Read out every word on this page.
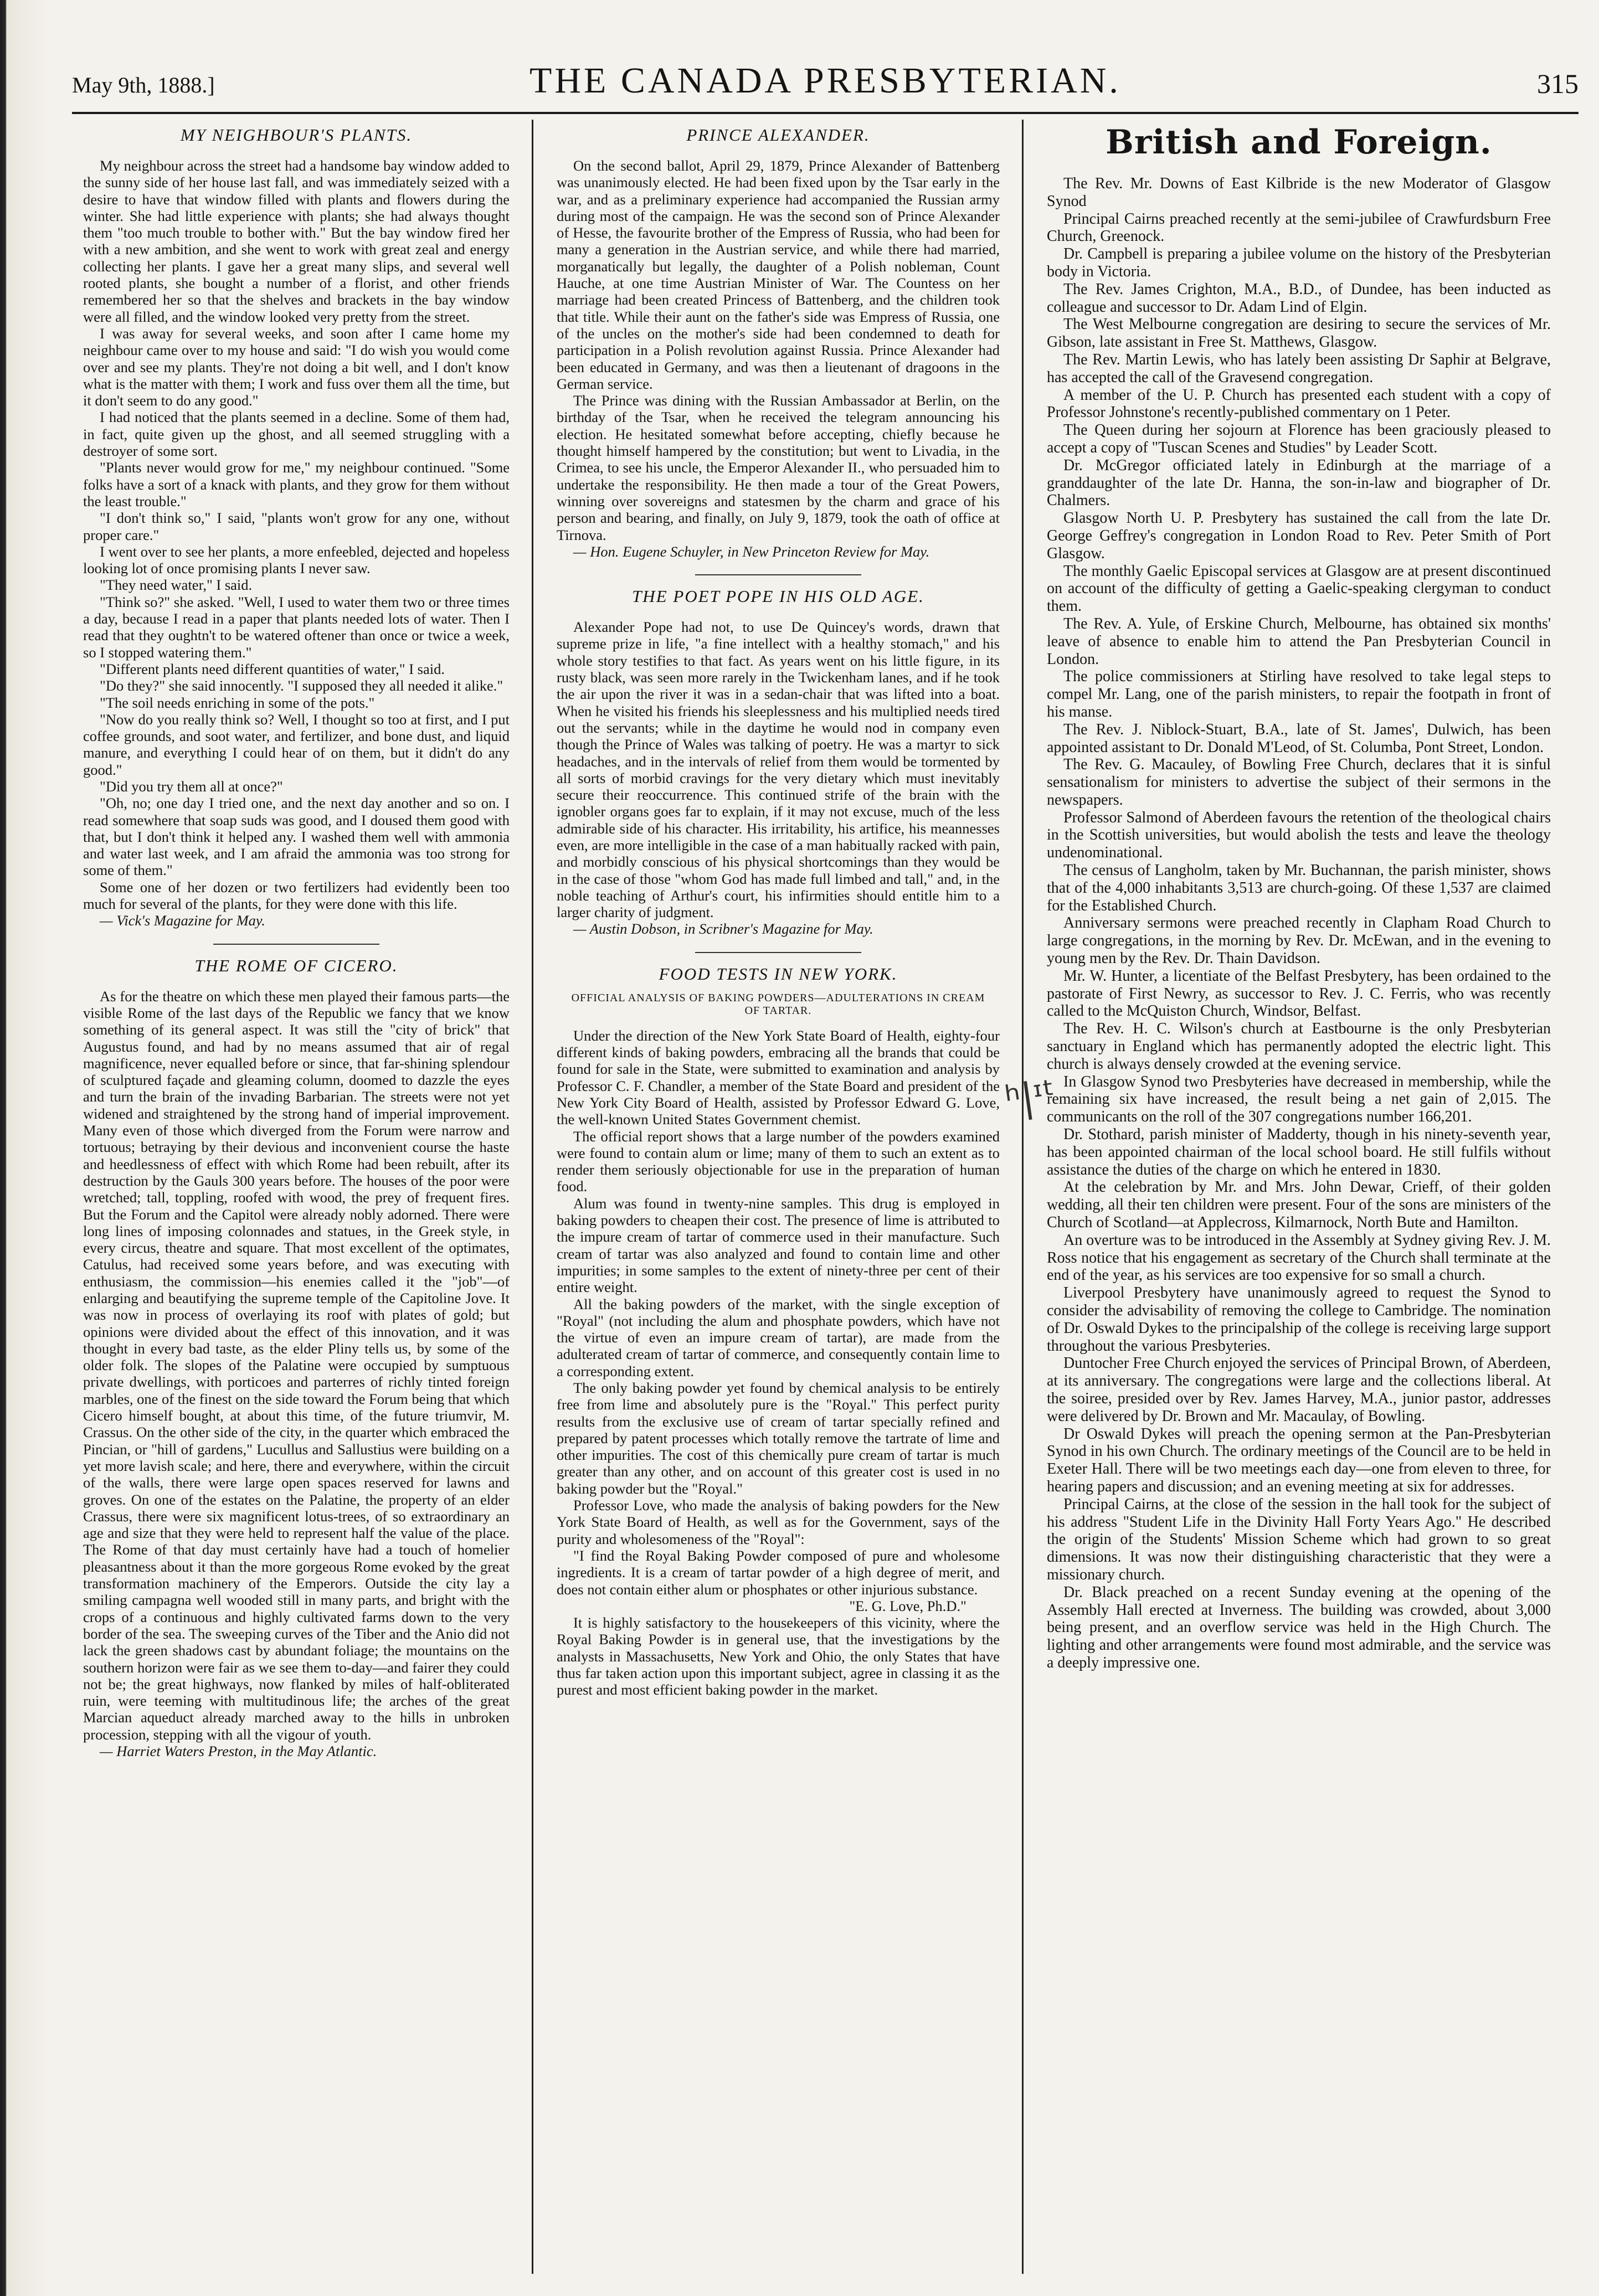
May 9th, 1888.]	THE CANADA PRESBYTERIAN.	315
MY NEIGHBOUR'S PLANTS.

My neighbour across the street had a handsome bay window added to the sunny side of her house last fall, and was immediately seized with a desire to have that window filled with plants and flowers during the winter. She had little experience with plants; she had always thought them "too much trouble to bother with." But the bay window fired her with a new ambition, and she went to work with great zeal and energy collecting her plants. I gave her a great many slips, and several well rooted plants, she bought a number of a florist, and other friends remembered her so that the shelves and brackets in the bay window were all filled, and the window looked very pretty from the street.

I was away for several weeks, and soon after I came home my neighbour came over to my house and said: "I do wish you would come over and see my plants. They're not doing a bit well, and I don't know what is the matter with them; I work and fuss over them all the time, but it don't seem to do any good."

I had noticed that the plants seemed in a decline. Some of them had, in fact, quite given up the ghost, and all seemed struggling with a destroyer of some sort.

"Plants never would grow for me," my neighbour continued. "Some folks have a sort of a knack with plants, and they grow for them without the least trouble."

"I don't think so," I said, "plants won't grow for any one, without proper care."

I went over to see her plants, a more enfeebled, dejected and hopeless looking lot of once promising plants I never saw.

"They need water," I said.

"Think so?" she asked. "Well, I used to water them two or three times a day, because I read in a paper that plants needed lots of water. Then I read that they oughtn't to be watered oftener than once or twice a week, so I stopped watering them."

"Different plants need different quantities of water," I said.

"Do they?" she said innocently. "I supposed they all needed it alike."

"The soil needs enriching in some of the pots."

"Now do you really think so? Well, I thought so too at first, and I put coffee grounds, and soot water, and fertilizer, and bone dust, and liquid manure, and everything I could hear of on them, but it didn't do any good."

"Did you try them all at once?"

"Oh, no; one day I tried one, and the next day another and so on. I read somewhere that soap suds was good, and I doused them good with that, but I don't think it helped any. I washed them well with ammonia and water last week, and I am afraid the ammonia was too strong for some of them."

Some one of her dozen or two fertilizers had evidently been too much for several of the plants, for they were done with this life.

— Vick's Magazine for May.

THE ROME OF CICERO.

As for the theatre on which these men played their famous parts—the visible Rome of the last days of the Republic we fancy that we know something of its general aspect. It was still the "city of brick" that Augustus found, and had by no means assumed that air of regal magnificence, never equalled before or since, that far-shining splendour of sculptured façade and gleaming column, doomed to dazzle the eyes and turn the brain of the invading Barbarian. The streets were not yet widened and straightened by the strong hand of imperial improvement. Many even of those which diverged from the Forum were narrow and tortuous; betraying by their devious and inconvenient course the haste and heedlessness of effect with which Rome had been rebuilt, after its destruction by the Gauls 300 years before. The houses of the poor were wretched; tall, toppling, roofed with wood, the prey of frequent fires. But the Forum and the Capitol were already nobly adorned. There were long lines of imposing colonnades and statues, in the Greek style, in every circus, theatre and square. That most excellent of the optimates, Catulus, had received some years before, and was executing with enthusiasm, the commission—his enemies called it the "job"—of enlarging and beautifying the supreme temple of the Capitoline Jove. It was now in process of overlaying its roof with plates of gold; but opinions were divided about the effect of this innovation, and it was thought in every bad taste, as the elder Pliny tells us, by some of the older folk. The slopes of the Palatine were occupied by sumptuous private dwellings, with porticoes and parterres of richly tinted foreign marbles, one of the finest on the side toward the Forum being that which Cicero himself bought, at about this time, of the future triumvir, M. Crassus. On the other side of the city, in the quarter which embraced the Pincian, or "hill of gardens," Lucullus and Sallustius were building on a yet more lavish scale; and here, there and everywhere, within the circuit of the walls, there were large open spaces reserved for lawns and groves. On one of the estates on the Palatine, the property of an elder Crassus, there were six magnificent lotus-trees, of so extraordinary an age and size that they were held to represent half the value of the place. The Rome of that day must certainly have had a touch of homelier pleasantness about it than the more gorgeous Rome evoked by the great transformation machinery of the Emperors. Outside the city lay a smiling campagna well wooded still in many parts, and bright with the crops of a continuous and highly cultivated farms down to the very border of the sea. The sweeping curves of the Tiber and the Anio did not lack the green shadows cast by abundant foliage; the mountains on the southern horizon were fair as we see them to-day—and fairer they could not be; the great highways, now flanked by miles of half-obliterated ruin, were teeming with multitudinous life; the arches of the great Marcian aqueduct already marched away to the hills in unbroken procession, stepping with all the vigour of youth.

— Harriet Waters Preston, in the May Atlantic.

PRINCE ALEXANDER.

On the second ballot, April 29, 1879, Prince Alexander of Battenberg was unanimously elected. He had been fixed upon by the Tsar early in the war, and as a preliminary experience had accompanied the Russian army during most of the campaign. He was the second son of Prince Alexander of Hesse, the favourite brother of the Empress of Russia, who had been for many a generation in the Austrian service, and while there had married, morganatically but legally, the daughter of a Polish nobleman, Count Hauche, at one time Austrian Minister of War. The Countess on her marriage had been created Princess of Battenberg, and the children took that title. While their aunt on the father's side was Empress of Russia, one of the uncles on the mother's side had been condemned to death for participation in a Polish revolution against Russia. Prince Alexander had been educated in Germany, and was then a lieutenant of dragoons in the German service.

The Prince was dining with the Russian Ambassador at Berlin, on the birthday of the Tsar, when he received the telegram announcing his election. He hesitated somewhat before accepting, chiefly because he thought himself hampered by the constitution; but went to Livadia, in the Crimea, to see his uncle, the Emperor Alexander II., who persuaded him to undertake the responsibility. He then made a tour of the Great Powers, winning over sovereigns and statesmen by the charm and grace of his person and bearing, and finally, on July 9, 1879, took the oath of office at Tirnova.

— Hon. Eugene Schuyler, in New Princeton Review for May.

THE POET POPE IN HIS OLD AGE.

Alexander Pope had not, to use De Quincey's words, drawn that supreme prize in life, "a fine intellect with a healthy stomach," and his whole story testifies to that fact. As years went on his little figure, in its rusty black, was seen more rarely in the Twickenham lanes, and if he took the air upon the river it was in a sedan-chair that was lifted into a boat. When he visited his friends his sleeplessness and his multiplied needs tired out the servants; while in the daytime he would nod in company even though the Prince of Wales was talking of poetry. He was a martyr to sick headaches, and in the intervals of relief from them would be tormented by all sorts of morbid cravings for the very dietary which must inevitably secure their reoccurrence. This continued strife of the brain with the ignobler organs goes far to explain, if it may not excuse, much of the less admirable side of his character. His irritability, his artifice, his meannesses even, are more intelligible in the case of a man habitually racked with pain, and morbidly conscious of his physical shortcomings than they would be in the case of those "whom God has made full limbed and tall," and, in the noble teaching of Arthur's court, his infirmities should entitle him to a larger charity of judgment.

— Austin Dobson, in Scribner's Magazine for May.

FOOD TESTS IN NEW YORK.
OFFICIAL ANALYSIS OF BAKING POWDERS—ADULTERATIONS IN CREAM OF TARTAR.

Under the direction of the New York State Board of Health, eighty-four different kinds of baking powders, embracing all the brands that could be found for sale in the State, were submitted to examination and analysis by Professor C. F. Chandler, a member of the State Board and president of the New York City Board of Health, assisted by Professor Edward G. Love, the well-known United States Government chemist.

The official report shows that a large number of the powders examined were found to contain alum or lime; many of them to such an extent as to render them seriously objectionable for use in the preparation of human food.

Alum was found in twenty-nine samples. This drug is employed in baking powders to cheapen their cost. The presence of lime is attributed to the impure cream of tartar of commerce used in their manufacture. Such cream of tartar was also analyzed and found to contain lime and other impurities; in some samples to the extent of ninety-three per cent of their entire weight.

All the baking powders of the market, with the single exception of "Royal" (not including the alum and phosphate powders, which have not the virtue of even an impure cream of tartar), are made from the adulterated cream of tartar of commerce, and consequently contain lime to a corresponding extent.

The only baking powder yet found by chemical analysis to be entirely free from lime and absolutely pure is the "Royal." This perfect purity results from the exclusive use of cream of tartar specially refined and prepared by patent processes which totally remove the tartrate of lime and other impurities. The cost of this chemically pure cream of tartar is much greater than any other, and on account of this greater cost is used in no baking powder but the "Royal."

Professor Love, who made the analysis of baking powders for the New York State Board of Health, as well as for the Government, says of the purity and wholesomeness of the "Royal":

"I find the Royal Baking Powder composed of pure and wholesome ingredients. It is a cream of tartar powder of a high degree of merit, and does not contain either alum or phosphates or other injurious substance.

"E. G. Love, Ph.D."

It is highly satisfactory to the housekeepers of this vicinity, where the Royal Baking Powder is in general use, that the investigations by the analysts in Massachusetts, New York and Ohio, the only States that have thus far taken action upon this important subject, agree in classing it as the purest and most efficient baking powder in the market.

British and Foreign.

The Rev. Mr. Downs of East Kilbride is the new Moderator of Glasgow Synod

Principal Cairns preached recently at the semi-jubilee of Crawfurdsburn Free Church, Greenock.

Dr. Campbell is preparing a jubilee volume on the history of the Presbyterian body in Victoria.

The Rev. James Crighton, M.A., B.D., of Dundee, has been inducted as colleague and successor to Dr. Adam Lind of Elgin.

The West Melbourne congregation are desiring to secure the services of Mr. Gibson, late assistant in Free St. Matthews, Glasgow.

The Rev. Martin Lewis, who has lately been assisting Dr Saphir at Belgrave, has accepted the call of the Gravesend congregation.

A member of the U. P. Church has presented each student with a copy of Professor Johnstone's recently-published commentary on 1 Peter.

The Queen during her sojourn at Florence has been graciously pleased to accept a copy of "Tuscan Scenes and Studies" by Leader Scott.

Dr. McGregor officiated lately in Edinburgh at the marriage of a granddaughter of the late Dr. Hanna, the son-in-law and biographer of Dr. Chalmers.

Glasgow North U. P. Presbytery has sustained the call from the late Dr. George Geffrey's congregation in London Road to Rev. Peter Smith of Port Glasgow.

The monthly Gaelic Episcopal services at Glasgow are at present discontinued on account of the difficulty of getting a Gaelic-speaking clergyman to conduct them.

The Rev. A. Yule, of Erskine Church, Melbourne, has obtained six months' leave of absence to enable him to attend the Pan Presbyterian Council in London.

The police commissioners at Stirling have resolved to take legal steps to compel Mr. Lang, one of the parish ministers, to repair the footpath in front of his manse.

The Rev. J. Niblock-Stuart, B.A., late of St. James', Dulwich, has been appointed assistant to Dr. Donald M'Leod, of St. Columba, Pont Street, London.

The Rev. G. Macauley, of Bowling Free Church, declares that it is sinful sensationalism for ministers to advertise the subject of their sermons in the newspapers.

Professor Salmond of Aberdeen favours the retention of the theological chairs in the Scottish universities, but would abolish the tests and leave the theology undenominational.

The census of Langholm, taken by Mr. Buchannan, the parish minister, shows that of the 4,000 inhabitants 3,513 are church-going. Of these 1,537 are claimed for the Established Church.

Anniversary sermons were preached recently in Clapham Road Church to large congregations, in the morning by Rev. Dr. McEwan, and in the evening to young men by the Rev. Dr. Thain Davidson.

Mr. W. Hunter, a licentiate of the Belfast Presbytery, has been ordained to the pastorate of First Newry, as successor to Rev. J. C. Ferris, who was recently called to the McQuiston Church, Windsor, Belfast.

The Rev. H. C. Wilson's church at Eastbourne is the only Presbyterian sanctuary in England which has permanently adopted the electric light. This church is always densely crowded at the evening service.

In Glasgow Synod two Presbyteries have decreased in membership, while the remaining six have increased, the result being a net gain of 2,015. The communicants on the roll of the 307 congregations number 166,201.

Dr. Stothard, parish minister of Madderty, though in his ninety-seventh year, has been appointed chairman of the local school board. He still fulfils without assistance the duties of the charge on which he entered in 1830.

At the celebration by Mr. and Mrs. John Dewar, Crieff, of their golden wedding, all their ten children were present. Four of the sons are ministers of the Church of Scotland—at Applecross, Kilmarnock, North Bute and Hamilton.

An overture was to be introduced in the Assembly at Sydney giving Rev. J. M. Ross notice that his engagement as secretary of the Church shall terminate at the end of the year, as his services are too expensive for so small a church.

Liverpool Presbytery have unanimously agreed to request the Synod to consider the advisability of removing the college to Cambridge. The nomination of Dr. Oswald Dykes to the principalship of the college is receiving large support throughout the various Presbyteries.

Duntocher Free Church enjoyed the services of Principal Brown, of Aberdeen, at its anniversary. The congregations were large and the collections liberal. At the soiree, presided over by Rev. James Harvey, M.A., junior pastor, addresses were delivered by Dr. Brown and Mr. Macaulay, of Bowling.

Dr Oswald Dykes will preach the opening sermon at the Pan-Presbyterian Synod in his own Church. The ordinary meetings of the Council are to be held in Exeter Hall. There will be two meetings each day—one from eleven to three, for hearing papers and discussion; and an evening meeting at six for addresses.

Principal Cairns, at the close of the session in the hall took for the subject of his address "Student Life in the Divinity Hall Forty Years Ago." He described the origin of the Students' Mission Scheme which had grown to so great dimensions. It was now their distinguishing characteristic that they were a missionary church.

Dr. Black preached on a recent Sunday evening at the opening of the Assembly Hall erected at Inverness. The building was crowded, about 3,000 being present, and an overflow service was held in the High Church. The lighting and other arrangements were found most admirable, and the service was a deeply impressive one.

ʰ|ᶦᵗ
